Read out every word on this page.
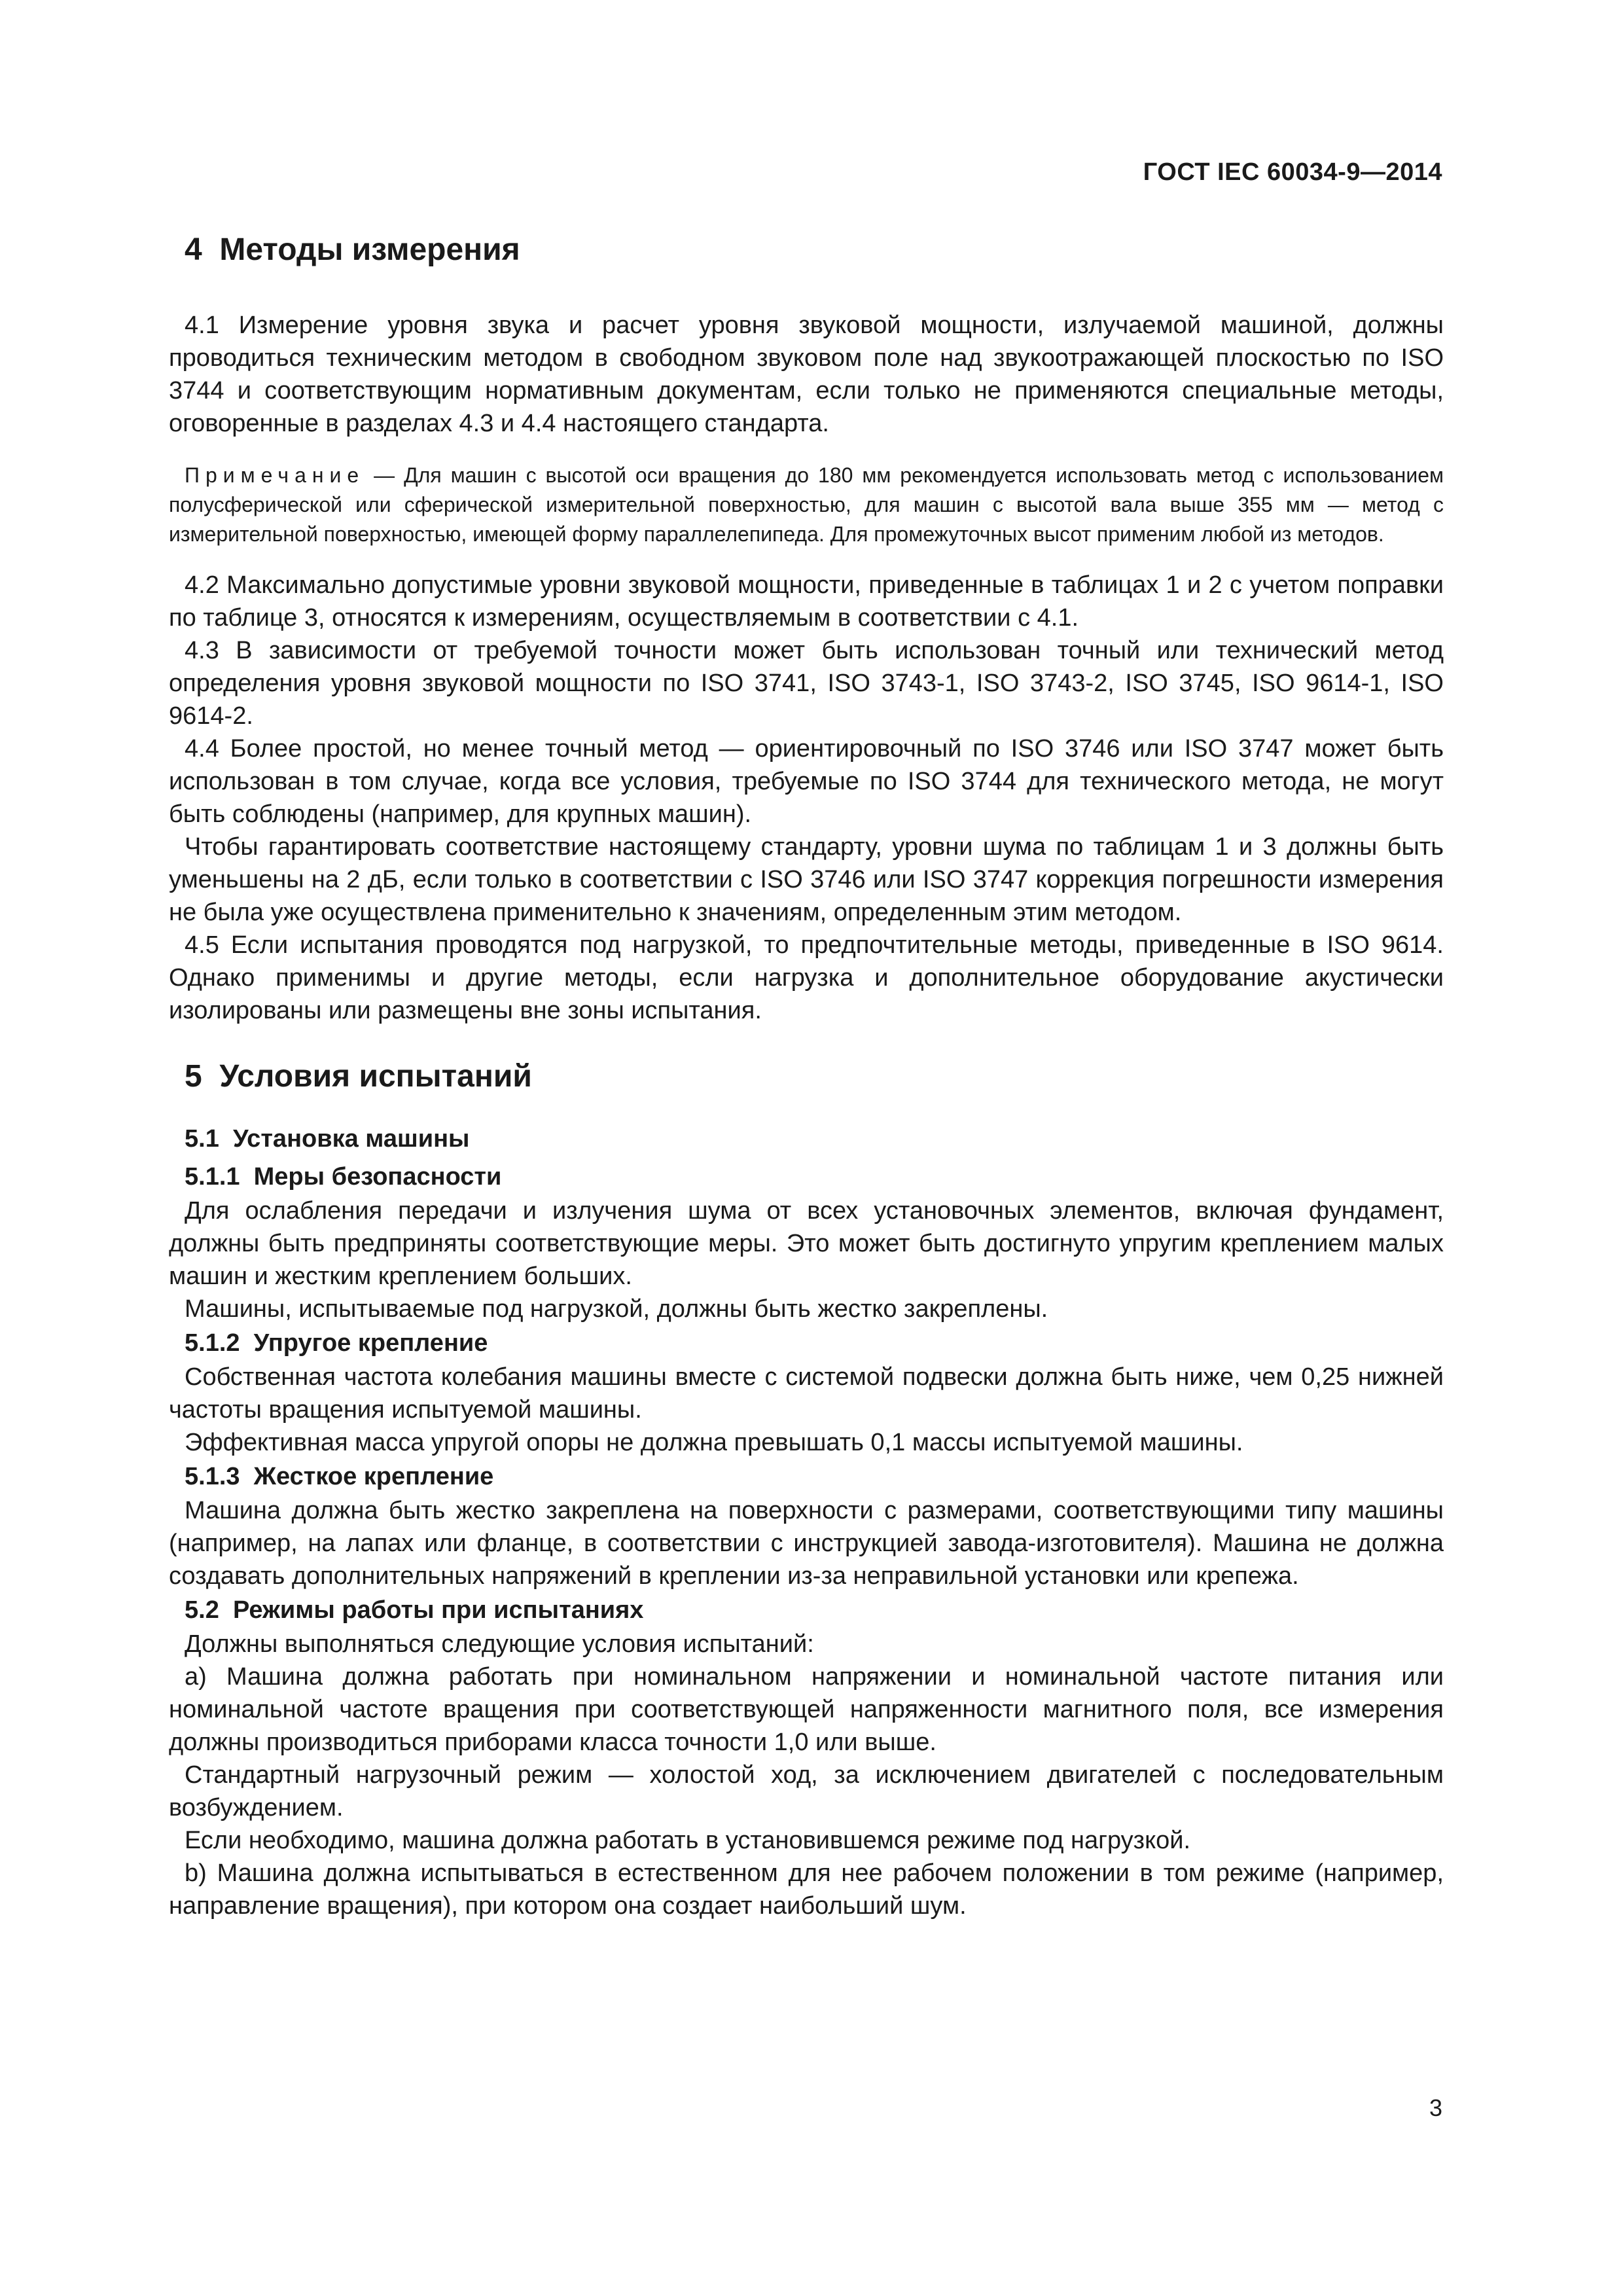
ГОСТ IEC 60034-9—2014
4  Методы измерения

4.1 Измерение уровня звука и расчет уровня звуковой мощности, излучаемой машиной, должны проводиться техническим методом в свободном звуковом поле над звукоотражающей плоскостью по ISO 3744 и соответствующим нормативным документам, если только не применяются специальные методы, оговоренные в разделах 4.3 и 4.4 настоящего стандарта.

Примечание — Для машин с высотой оси вращения до 180 мм рекомендуется использовать метод с использованием полусферической или сферической измерительной поверхностью, для машин с высотой вала выше 355 мм — метод с измерительной поверхностью, имеющей форму параллелепипеда. Для промежуточных высот применим любой из методов.

4.2 Максимально допустимые уровни звуковой мощности, приведенные в таблицах 1 и 2 с учетом поправки по таблице 3, относятся к измерениям, осуществляемым в соответствии с 4.1.

4.3 В зависимости от требуемой точности может быть использован точный или технический метод определения уровня звуковой мощности по ISO 3741, ISO 3743-1, ISO 3743-2, ISO 3745, ISO 9614-1, ISO 9614-2.

4.4 Более простой, но менее точный метод — ориентировочный по ISO 3746 или ISO 3747 может быть использован в том случае, когда все условия, требуемые по ISO 3744 для технического метода, не могут быть соблюдены (например, для крупных машин).

Чтобы гарантировать соответствие настоящему стандарту, уровни шума по таблицам 1 и 3 должны быть уменьшены на 2 дБ, если только в соответствии с ISO 3746 или ISO 3747 коррекция погрешности измерения не была уже осуществлена применительно к значениям, определенным этим методом.

4.5 Если испытания проводятся под нагрузкой, то предпочтительные методы, приведенные в ISO 9614. Однако применимы и другие методы, если нагрузка и дополнительное оборудование акустически изолированы или размещены вне зоны испытания.

5  Условия испытаний
5.1  Установка машины
5.1.1  Меры безопасности

Для ослабления передачи и излучения шума от всех установочных элементов, включая фундамент, должны быть предприняты соответствующие меры. Это может быть достигнуто упругим креплением малых машин и жестким креплением больших.

Машины, испытываемые под нагрузкой, должны быть жестко закреплены.

5.1.2  Упругое крепление

Собственная частота колебания машины вместе с системой подвески должна быть ниже, чем 0,25 нижней частоты вращения испытуемой машины.

Эффективная масса упругой опоры не должна превышать 0,1 массы испытуемой машины.

5.1.3  Жесткое крепление

Машина должна быть жестко закреплена на поверхности с размерами, соответствующими типу машины (например, на лапах или фланце, в соответствии с инструкцией завода-изготовителя). Машина не должна создавать дополнительных напряжений в креплении из-за неправильной установки или крепежа.

5.2  Режимы работы при испытаниях

Должны выполняться следующие условия испытаний:

a) Машина должна работать при номинальном напряжении и номинальной частоте питания или номинальной частоте вращения при соответствующей напряженности магнитного поля, все измерения должны производиться приборами класса точности 1,0 или выше.

Стандартный нагрузочный режим — холостой ход, за исключением двигателей с последовательным возбуждением.

Если необходимо, машина должна работать в установившемся режиме под нагрузкой.

b) Машина должна испытываться в естественном для нее рабочем положении в том режиме (например, направление вращения), при котором она создает наибольший шум.

3
